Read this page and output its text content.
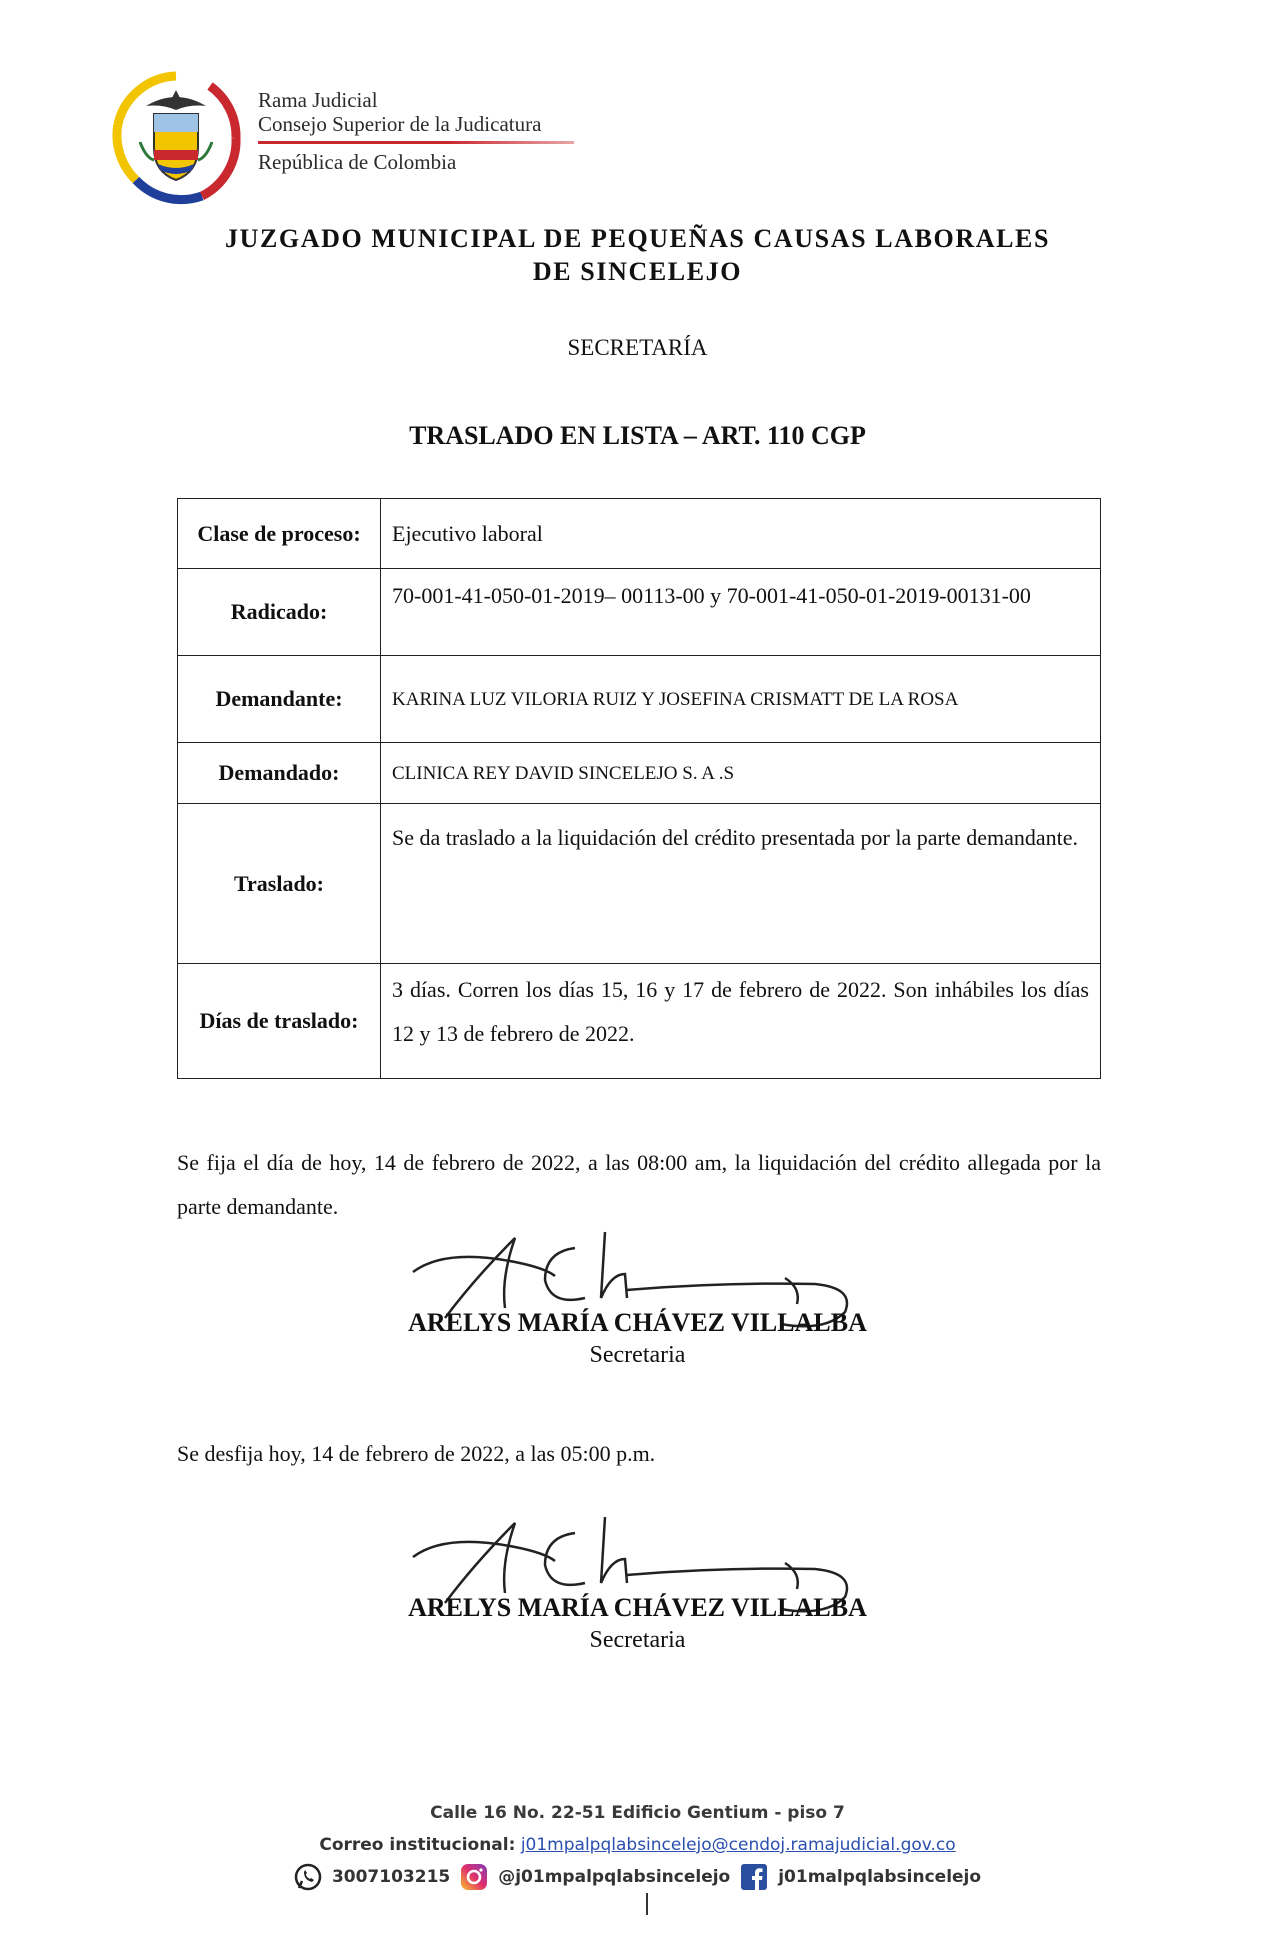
Rama Judicial
Consejo Superior de la Judicatura
República de Colombia
JUZGADO MUNICIPAL DE PEQUEÑAS CAUSAS LABORALES
DE SINCELEJO
SECRETARÍA
TRASLADO EN LISTA – ART. 110 CGP
Clase de proceso:	Ejecutivo laboral
Radicado:	70-001-41-050-01-2019– 00113-00 y 70-001-41-050-01-2019-00131-00
Demandante:	KARINA LUZ VILORIA RUIZ Y JOSEFINA CRISMATT DE LA ROSA
Demandado:	CLINICA REY DAVID SINCELEJO S. A .S
Traslado:	Se da traslado a la liquidación del crédito presentada por la parte demandante.
Días de traslado:	3 días. Corren los días 15, 16 y 17 de febrero de 2022. Son inhábiles los días 12 y 13 de febrero de 2022.
Se fija el día de hoy, 14 de febrero de 2022, a las 08:00 am, la liquidación del crédito allegada por la parte demandante.
ARELYS MARÍA CHÁVEZ VILLALBA
Secretaria
Se desfija hoy, 14 de febrero de 2022, a las 05:00 p.m.
ARELYS MARÍA CHÁVEZ VILLALBA
Secretaria
Calle 16 No. 22-51 Edificio Gentium - piso 7
Correo institucional: j01mpalpqlabsincelejo@cendoj.ramajudicial.gov.co
3007103215	@j01mpalpqlabsincelejo	j01malpqlabsincelejo
